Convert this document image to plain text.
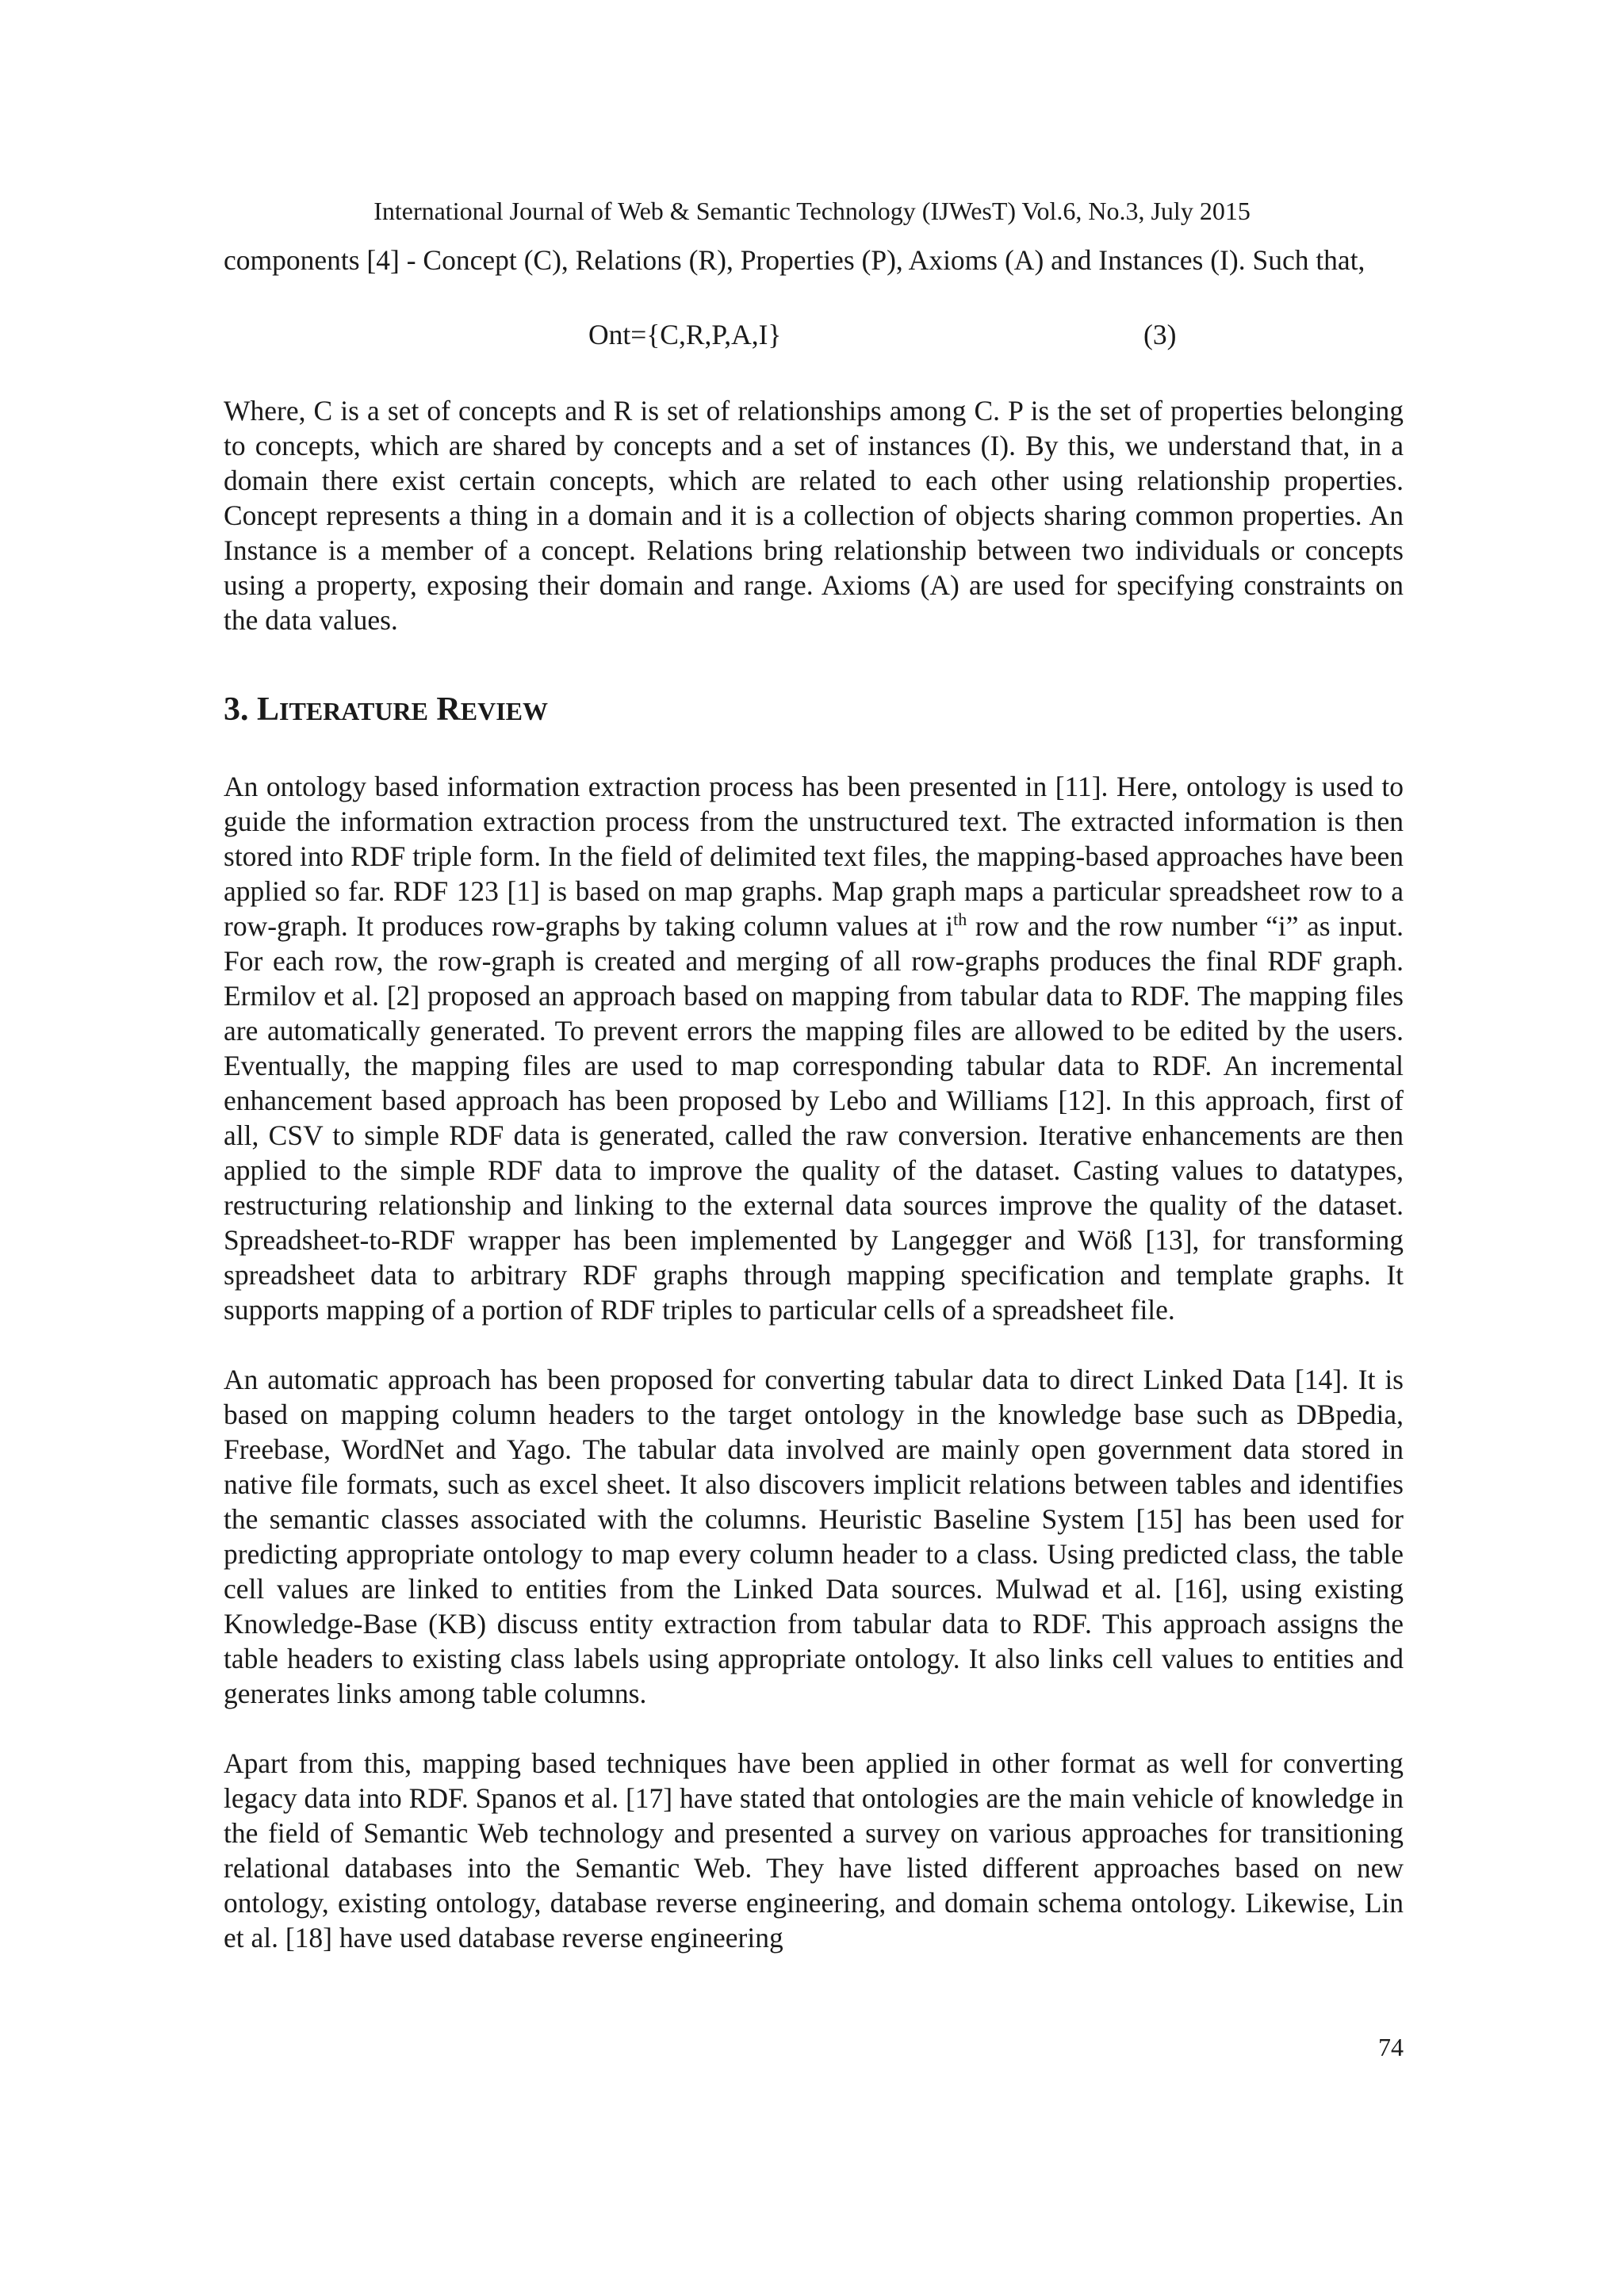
International Journal of Web & Semantic Technology (IJWesT) Vol.6, No.3, July 2015

components [4] - Concept (C), Relations (R), Properties (P), Axioms (A) and Instances (I). Such that,

Ont={C,R,P,A,I}	(3)

Where, C is a set of concepts and R is set of relationships among C. P is the set of properties belonging to concepts, which are shared by concepts and a set of instances (I). By this, we understand that, in a domain there exist certain concepts, which are related to each other using relationship properties. Concept represents a thing in a domain and it is a collection of objects sharing common properties. An Instance is a member of a concept. Relations bring relationship between two individuals or concepts using a property, exposing their domain and range. Axioms (A) are used for specifying constraints on the data values.

3. LITERATURE REVIEW

An ontology based information extraction process has been presented in [11]. Here, ontology is used to guide the information extraction process from the unstructured text. The extracted information is then stored into RDF triple form. In the field of delimited text files, the mapping-based approaches have been applied so far. RDF 123 [1] is based on map graphs. Map graph maps a particular spreadsheet row to a row-graph. It produces row-graphs by taking column values at $i^{th}$ row and the row number “i” as input. For each row, the row-graph is created and merging of all row-graphs produces the final RDF graph. Ermilov et al. [2] proposed an approach based on mapping from tabular data to RDF. The mapping files are automatically generated. To prevent errors the mapping files are allowed to be edited by the users. Eventually, the mapping files are used to map corresponding tabular data to RDF. An incremental enhancement based approach has been proposed by Lebo and Williams [12]. In this approach, first of all, CSV to simple RDF data is generated, called the raw conversion. Iterative enhancements are then applied to the simple RDF data to improve the quality of the dataset. Casting values to datatypes, restructuring relationship and linking to the external data sources improve the quality of the dataset. Spreadsheet-to-RDF wrapper has been implemented by Langegger and Wöß [13], for transforming spreadsheet data to arbitrary RDF graphs through mapping specification and template graphs. It supports mapping of a portion of RDF triples to particular cells of a spreadsheet file.

An automatic approach has been proposed for converting tabular data to direct Linked Data [14]. It is based on mapping column headers to the target ontology in the knowledge base such as DBpedia, Freebase, WordNet and Yago. The tabular data involved are mainly open government data stored in native file formats, such as excel sheet. It also discovers implicit relations between tables and identifies the semantic classes associated with the columns. Heuristic Baseline System [15] has been used for predicting appropriate ontology to map every column header to a class. Using predicted class, the table cell values are linked to entities from the Linked Data sources. Mulwad et al. [16], using existing Knowledge-Base (KB) discuss entity extraction from tabular data to RDF. This approach assigns the table headers to existing class labels using appropriate ontology. It also links cell values to entities and generates links among table columns.

Apart from this, mapping based techniques have been applied in other format as well for converting legacy data into RDF. Spanos et al. [17] have stated that ontologies are the main vehicle of knowledge in the field of Semantic Web technology and presented a survey on various approaches for transitioning relational databases into the Semantic Web. They have listed different approaches based on new ontology, existing ontology, database reverse engineering, and domain schema ontology. Likewise, Lin et al. [18] have used database reverse engineering

74
